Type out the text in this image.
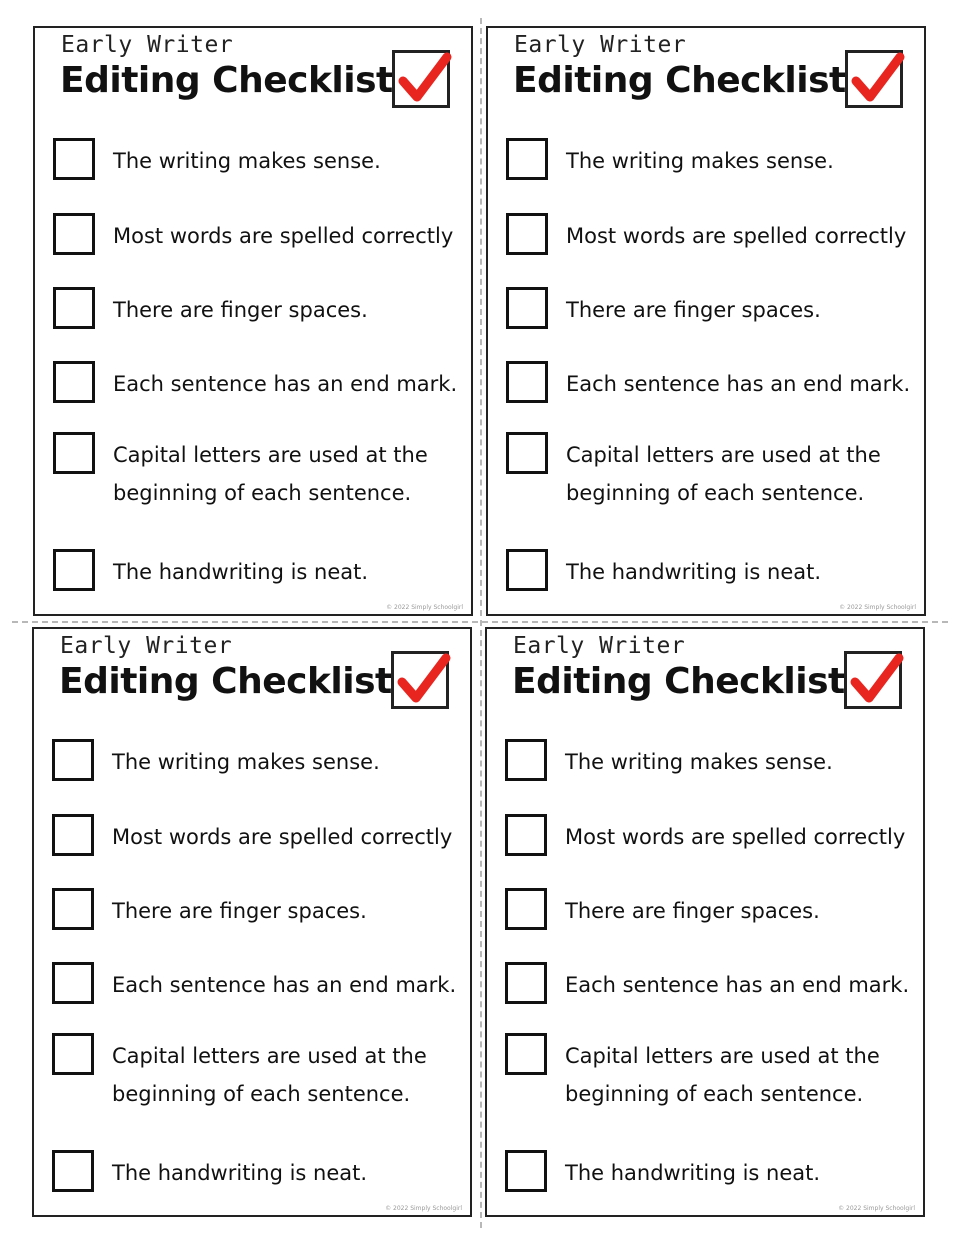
Early Writer
Editing Checklist
The writing makes sense.
Most words are spelled correctly
There are finger spaces.
Each sentence has an end mark.
Capital letters are used at the beginning of each sentence.
The handwriting is neat.
© 2022 Simply Schoolgirl
Early Writer
Editing Checklist
The writing makes sense.
Most words are spelled correctly
There are finger spaces.
Each sentence has an end mark.
Capital letters are used at the beginning of each sentence.
The handwriting is neat.
© 2022 Simply Schoolgirl
Early Writer
Editing Checklist
The writing makes sense.
Most words are spelled correctly
There are finger spaces.
Each sentence has an end mark.
Capital letters are used at the beginning of each sentence.
The handwriting is neat.
© 2022 Simply Schoolgirl
Early Writer
Editing Checklist
The writing makes sense.
Most words are spelled correctly
There are finger spaces.
Each sentence has an end mark.
Capital letters are used at the beginning of each sentence.
The handwriting is neat.
© 2022 Simply Schoolgirl
